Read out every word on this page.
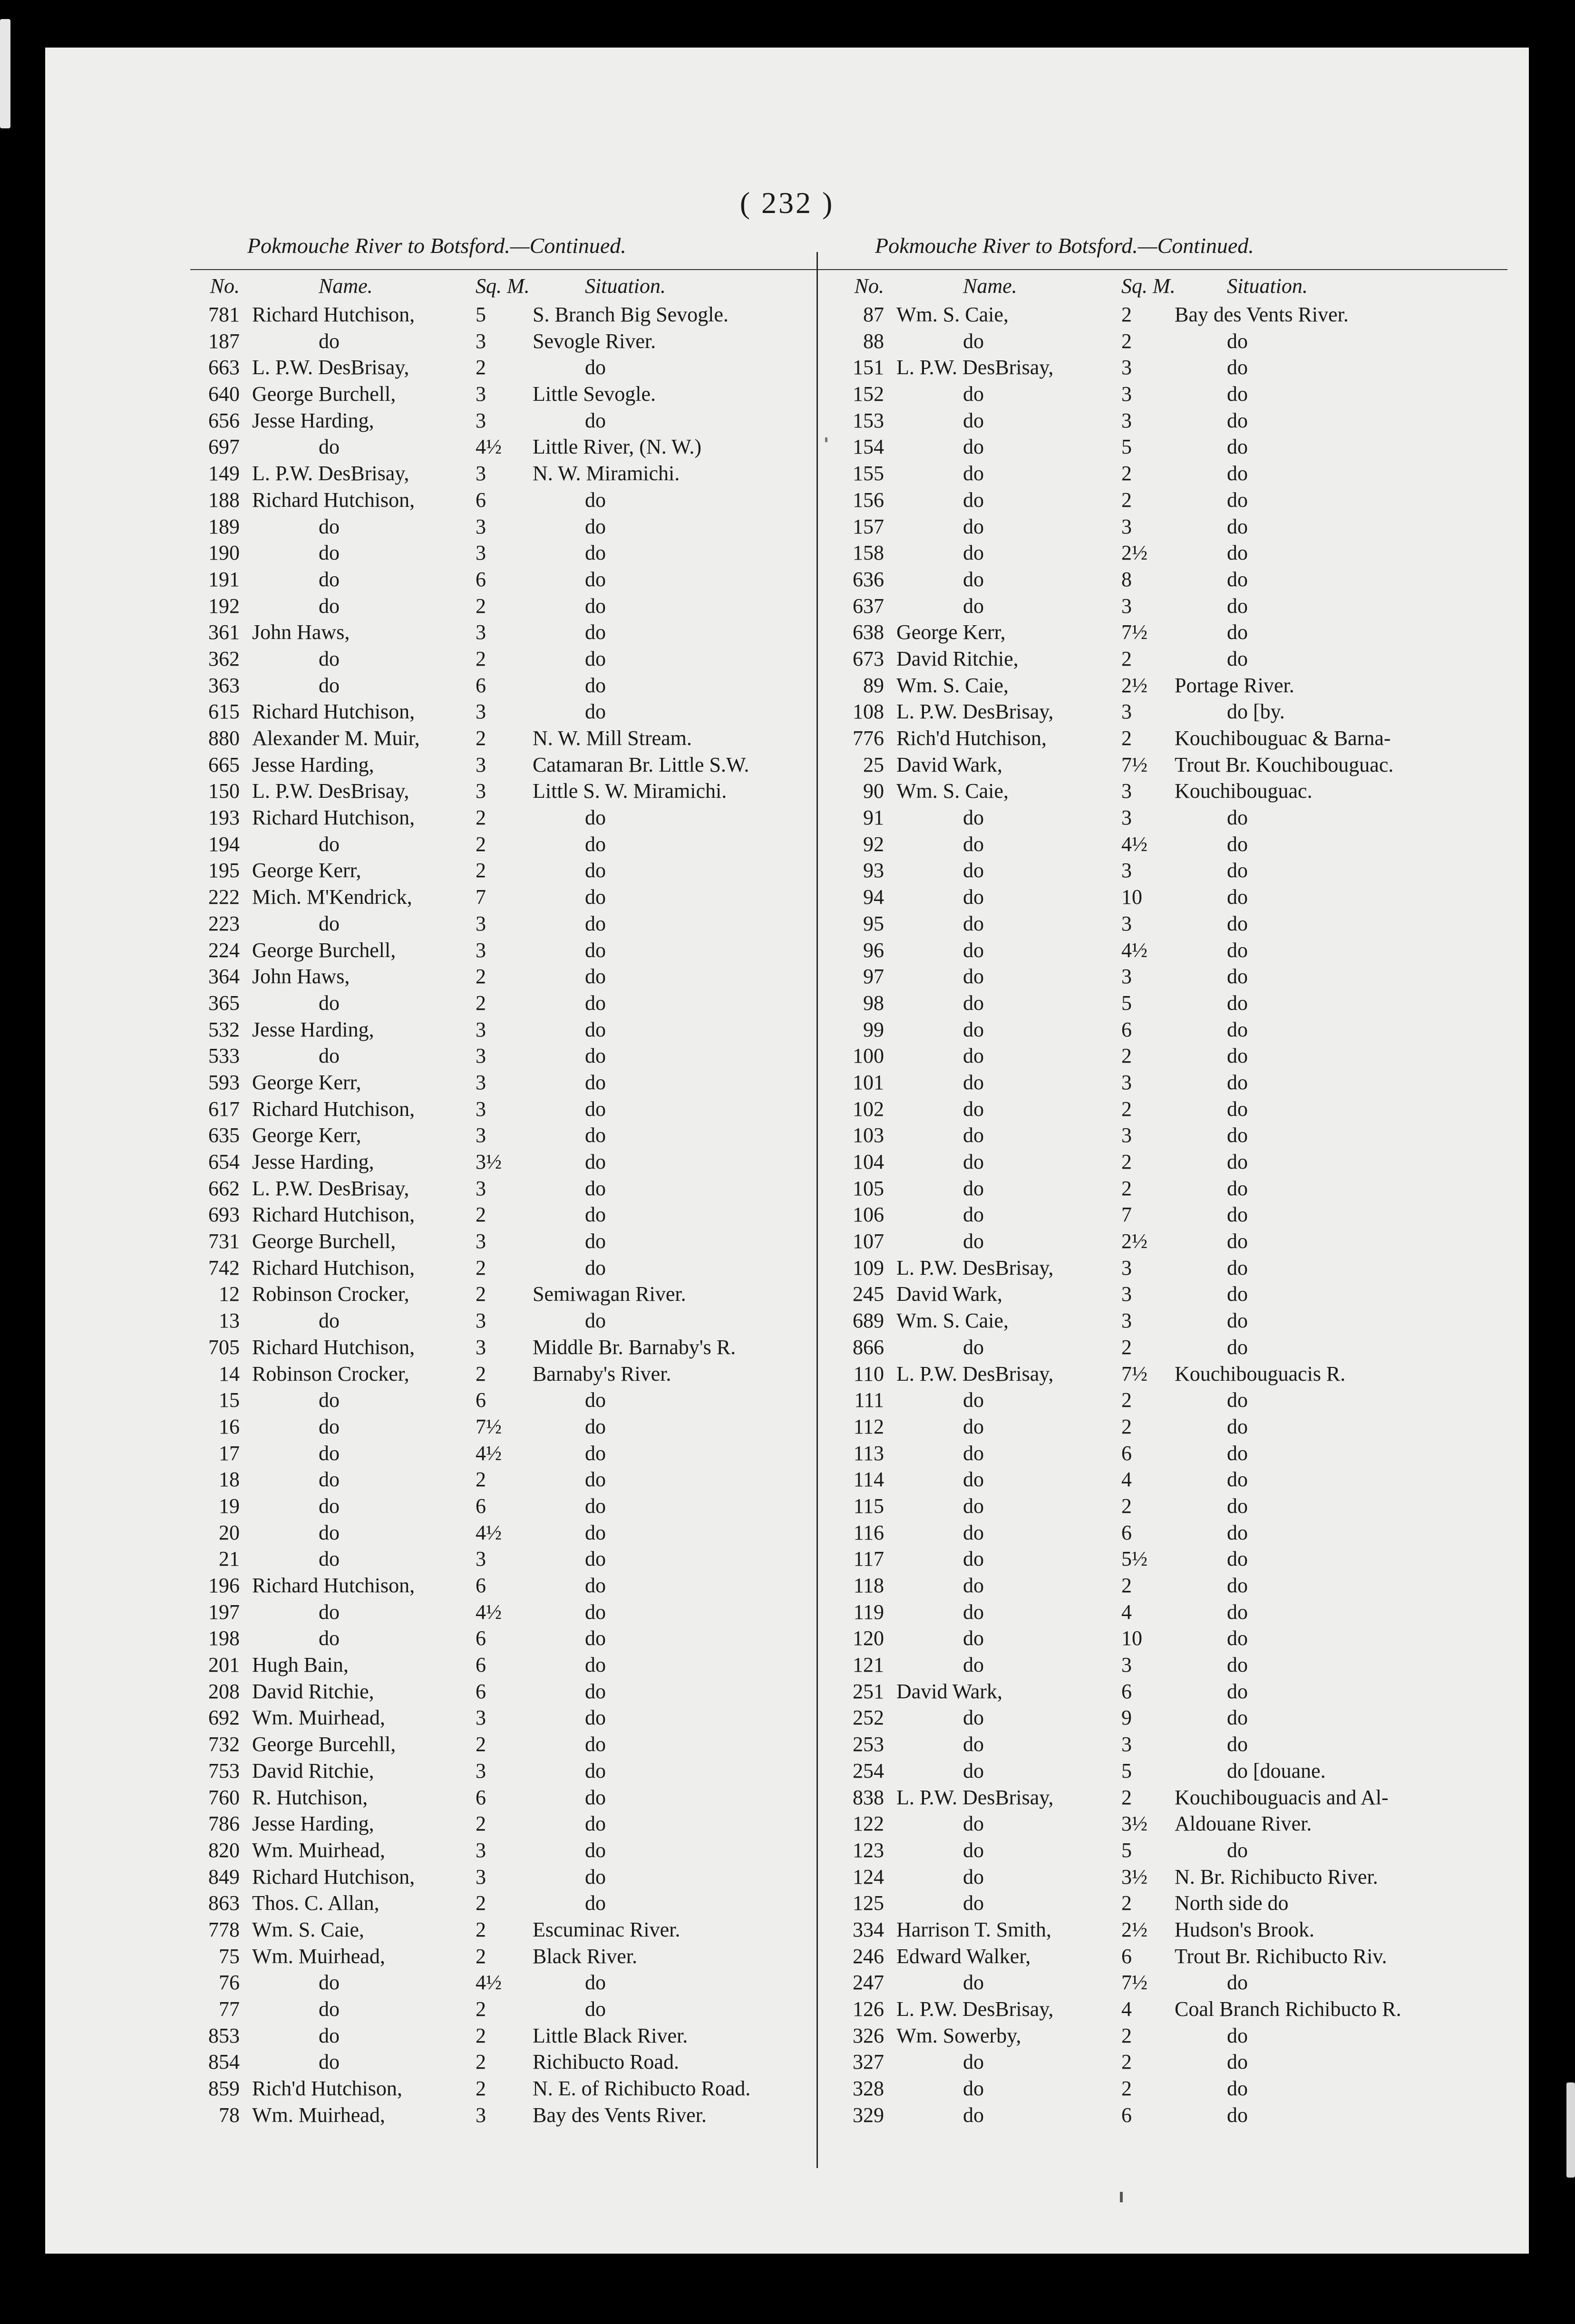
( 232 )
Pokmouche River to Botsford.—Continued.
No.	Name.	Sq. M.	Situation.
781 Richard Hutchison,	5	S. Branch Big Sevogle.
187	do	3	Sevogle River.
663 L. P.W. DesBrisay,	2	do
640 George Burchell,	3	Little Sevogle.
656 Jesse Harding,	3	do
697	do	4½	Little River, (N. W.)
149 L. P.W. DesBrisay,	3	N. W. Miramichi.
188 Richard Hutchison,	6	do
189	do	3	do
190	do	3	do
191	do	6	do
192	do	2	do
361 John Haws,	3	do
362	do	2	do
363	do	6	do
615 Richard Hutchison,	3	do
880 Alexander M. Muir,	2	N. W. Mill Stream.
665 Jesse Harding,	3	Catamaran Br. Little S.W.
150 L. P.W. DesBrisay,	3	Little S. W. Miramichi.
193 Richard Hutchison,	2	do
194	do	2	do
195 George Kerr,	2	do
222 Mich. M'Kendrick,	7	do
223	do	3	do
224 George Burchell,	3	do
364 John Haws,	2	do
365	do	2	do
532 Jesse Harding,	3	do
533	do	3	do
593 George Kerr,	3	do
617 Richard Hutchison,	3	do
635 George Kerr,	3	do
654 Jesse Harding,	3½	do
662 L. P.W. DesBrisay,	3	do
693 Richard Hutchison,	2	do
731 George Burchell,	3	do
742 Richard Hutchison,	2	do
12 Robinson Crocker,	2	Semiwagan River.
13	do	3	do
705 Richard Hutchison,	3	Middle Br. Barnaby's R.
14 Robinson Crocker,	2	Barnaby's River.
15	do	6	do
16	do	7½	do
17	do	4½	do
18	do	2	do
19	do	6	do
20	do	4½	do
21	do	3	do
196 Richard Hutchison,	6	do
197	do	4½	do
198	do	6	do
201 Hugh Bain,	6	do
208 David Ritchie,	6	do
692 Wm. Muirhead,	3	do
732 George Burcehll,	2	do
753 David Ritchie,	3	do
760 R. Hutchison,	6	do
786 Jesse Harding,	2	do
820 Wm. Muirhead,	3	do
849 Richard Hutchison,	3	do
863 Thos. C. Allan,	2	do
778 Wm. S. Caie,	2	Escuminac River.
75 Wm. Muirhead,	2	Black River.
76	do	4½	do
77	do	2	do
853	do	2	Little Black River.
854	do	2	Richibucto Road.
859 Rich'd Hutchison,	2	N. E. of Richibucto Road.
78 Wm. Muirhead,	3	Bay des Vents River.
Pokmouche River to Botsford.—Continued.
No.	Name.	Sq. M.	Situation.
87 Wm. S. Caie,	2	Bay des Vents River.
88	do	2	do
151 L. P.W. DesBrisay,	3	do
152	do	3	do
153	do	3	do
154	do	5	do
155	do	2	do
156	do	2	do
157	do	3	do
158	do	2½	do
636	do	8	do
637	do	3	do
638 George Kerr,	7½	do
673 David Ritchie,	2	do
89 Wm. S. Caie,	2½	Portage River.
108 L. P.W. DesBrisay,	3	do [by.
776 Rich'd Hutchison,	2	Kouchibouguac & Barna-
25 David Wark,	7½	Trout Br. Kouchibouguac.
90 Wm. S. Caie,	3	Kouchibouguac.
91	do	3	do
92	do	4½	do
93	do	3	do
94	do	10	do
95	do	3	do
96	do	4½	do
97	do	3	do
98	do	5	do
99	do	6	do
100	do	2	do
101	do	3	do
102	do	2	do
103	do	3	do
104	do	2	do
105	do	2	do
106	do	7	do
107	do	2½	do
109 L. P.W. DesBrisay,	3	do
245 David Wark,	3	do
689 Wm. S. Caie,	3	do
866	do	2	do
110 L. P.W. DesBrisay,	7½	Kouchibouguacis R.
111	do	2	do
112	do	2	do
113	do	6	do
114	do	4	do
115	do	2	do
116	do	6	do
117	do	5½	do
118	do	2	do
119	do	4	do
120	do	10	do
121	do	3	do
251 David Wark,	6	do
252	do	9	do
253	do	3	do
254	do	5	do [douane.
838 L. P.W. DesBrisay,	2	Kouchibouguacis and Al-
122	do	3½	Aldouane River.
123	do	5	do
124	do	3½	N. Br. Richibucto River.
125	do	2	North side do
334 Harrison T. Smith,	2½	Hudson's Brook.
246 Edward Walker,	6	Trout Br. Richibucto Riv.
247	do	7½	do
126 L. P.W. DesBrisay,	4	Coal Branch Richibucto R.
326 Wm. Sowerby,	2	do
327	do	2	do
328	do	2	do
329	do	6	do
